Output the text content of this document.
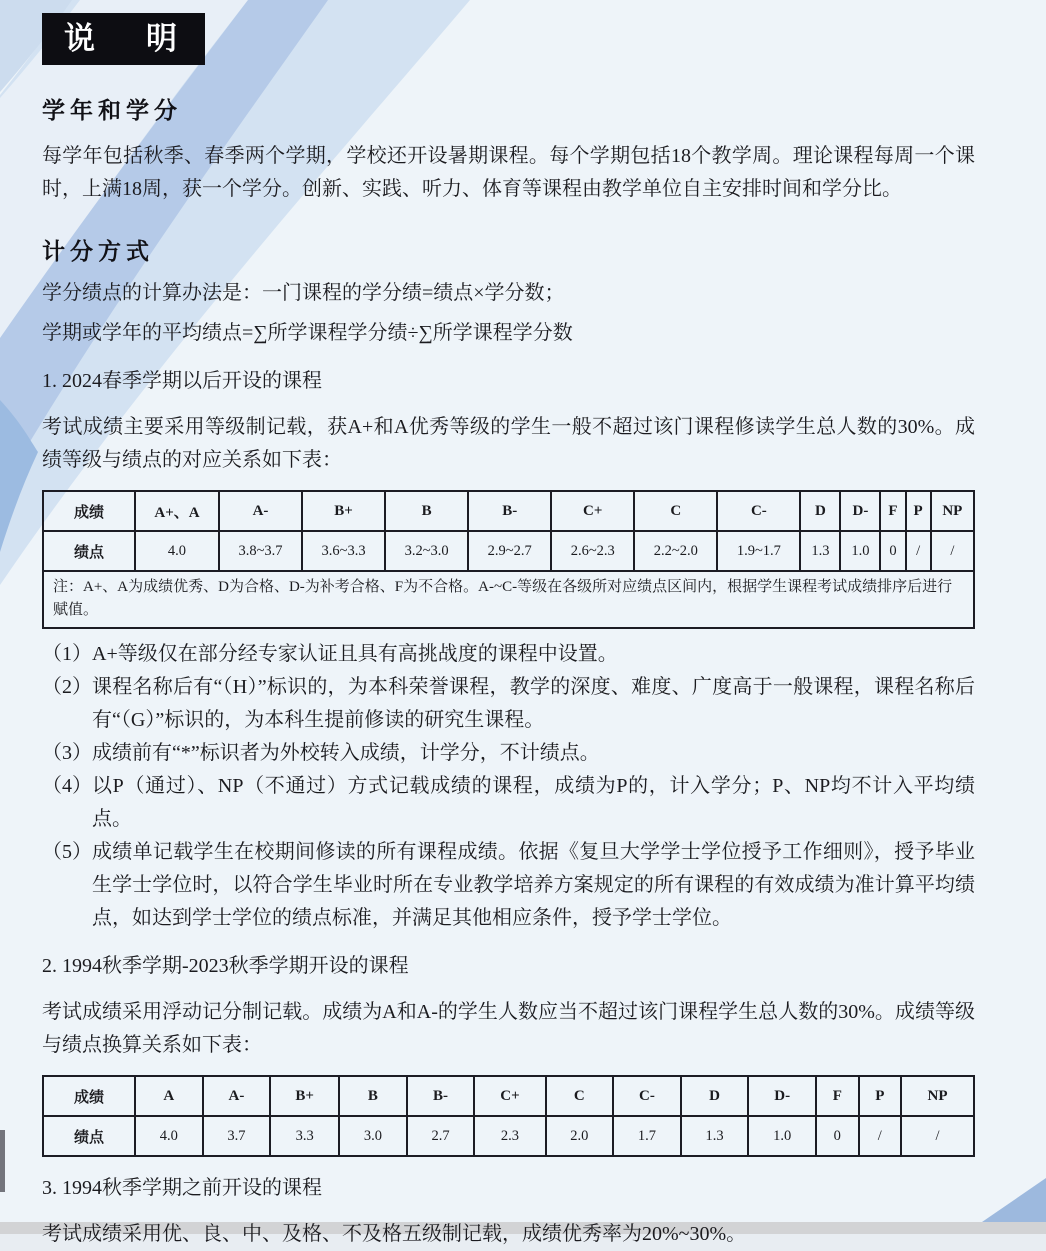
说　明
学年和学分

每学年包括秋季、春季两个学期，学校还开设暑期课程。每个学期包括18个教学周。理论课程每周一个课时，上满18周，获一个学分。创新、实践、听力、体育等课程由教学单位自主安排时间和学分比。

计分方式

学分绩点的计算办法是：一门课程的学分绩=绩点×学分数；

学期或学年的平均绩点=∑所学课程学分绩÷∑所学课程学分数

1. 2024春季学期以后开设的课程

考试成绩主要采用等级制记载，获A+和A优秀等级的学生一般不超过该门课程修读学生总人数的30%。成绩等级与绩点的对应关系如下表：

成绩	A+、A	A-	B+	B	B-	C+	C	C-	D	D-	F	P	NP
绩点	4.0	3.8~3.7	3.6~3.3	3.2~3.0	2.9~2.7	2.6~2.3	2.2~2.0	1.9~1.7	1.3	1.0	0	/	/
注：A+、A为成绩优秀、D为合格、D-为补考合格、F为不合格。A-~C-等级在各级所对应绩点区间内，根据学生课程考试成绩排序后进行赋值。													
（1） A+等级仅在部分经专家认证且具有高挑战度的课程中设置。
（2） 课程名称后有“（H）”标识的，为本科荣誉课程，教学的深度、难度、广度高于一般课程，课程名称后有“（G）”标识的，为本科生提前修读的研究生课程。
（3） 成绩前有“*”标识者为外校转入成绩，计学分，不计绩点。
（4） 以P（通过）、NP（不通过）方式记载成绩的课程，成绩为P的，计入学分；P、NP均不计入平均绩点。
（5） 成绩单记载学生在校期间修读的所有课程成绩。依据《复旦大学学士学位授予工作细则》，授予毕业生学士学位时，以符合学生毕业时所在专业教学培养方案规定的所有课程的有效成绩为准计算平均绩点，如达到学士学位的绩点标准，并满足其他相应条件，授予学士学位。

2. 1994秋季学期-2023秋季学期开设的课程

考试成绩采用浮动记分制记载。成绩为A和A-的学生人数应当不超过该门课程学生总人数的30%。成绩等级与绩点换算关系如下表：

成绩	A	A-	B+	B	B-	C+	C	C-	D	D-	F	P	NP
绩点	4.0	3.7	3.3	3.0	2.7	2.3	2.0	1.7	1.3	1.0	0	/	/

3. 1994秋季学期之前开设的课程

考试成绩采用优、良、中、及格、不及格五级制记载，成绩优秀率为20%~30%。
